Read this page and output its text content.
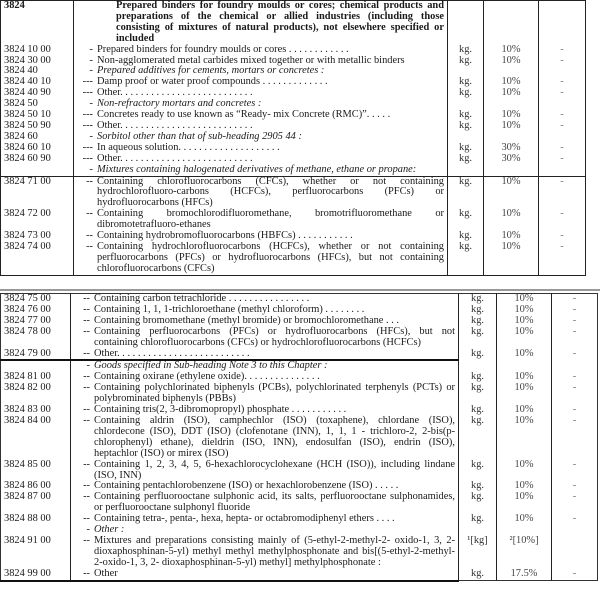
3824	Prepared binders for foundry moulds or cores; chemical products and preparations of the chemical or allied industries (including those consisting of mixtures of natural products), not elsewhere specified or included			
3824 10 00	- Prepared binders for foundry moulds or cores . . . . . . . . . . . .	kg.	10%	-
3824 30 00	- Non-agglomerated metal carbides mixed together or with metallic binders	kg.	10%	-
3824 40	- Prepared additives for cements, mortars or concretes :			

3824 40 10	--- Damp proof or water proof compounds . . . . . . . . . . . . .	kg.	10%	-
3824 40 90	--- Other. . . . . . . . . . . . . . . . . . . . . . . . . .	kg.	10%	-
3824 50	- Non-refractory mortars and concretes :			

3824 50 10	--- Concretes ready to use known as “Ready- mix Concrete (RMC)”. . . . .	kg.	10%	-
3824 50 90	--- Other. . . . . . . . . . . . . . . . . . . . . . . . . .	kg.	10%	-
3824 60	- Sorbitol other than that of sub-heading 2905 44 :			

3824 60 10	--- In aqueous solution. . . . . . . . . . . . . . . . . . . .	kg.	30%	-
3824 60 90	--- Other. . . . . . . . . . . . . . . . . . . . . . . . . .	kg.	30%	-

	- Mixtures containing halogenated derivatives of methane, ethane or propane:			

3824 71 00	-- Containing chlorofluorocarbons (CFCs), whether or not containing hydrochlorofluoro-carbons (HCFCs), perfluorocarbons (PFCs) or hydrofluorocarbons (HFCs)	kg.	10%	-
3824 72 00	-- Containing bromochlorodifluoromethane, bromotrifluoromethane or dibromotetrafluoro-ethanes	kg.	10%	-
3824 73 00	-- Containing hydrobromofluorocarbons (HBFCs) . . . . . . . . . . .	kg.	10%	-
3824 74 00	-- Containing hydrochlorofluorocarbons (HCFCs), whether or not containing perfluorocarbons (PFCs) or hydrofluorocarbons (HFCs), but not containing chlorofluorocarbons (CFCs)	kg.	10%	-
3824 75 00	-- Containing carbon tetrachloride . . . . . . . . . . . . . . . .	kg.	10%	-
3824 76 00	-- Containing 1, 1, 1-trichloroethane (methyl chloroform) . . . . . . . .	kg.	10%	-
3824 77 00	-- Containing bromomethane (methyl bromide) or bromochloromethane . . .	kg.	10%	-
3824 78 00	-- Containing perfluorocarbons (PFCs) or hydrofluorocarbons (HFCs), but not containing chlorofluorocarbons (CFCs) or hydrochlorofluorocarbons (HCFCs)	kg.	10%	-
3824 79 00	-- Other. . . . . . . . . . . . . . . . . . . . . . . . . .	kg.	10%	-

	- Goods specified in Sub-heading Note 3 to this Chapter :			

3824 81 00	-- Containing oxirane (ethylene oxide). . . . . . . . . . . . . . .	kg.	10%	-
3824 82 00	-- Containing polychlorinated biphenyls (PCBs), polychlorinated terphenyls (PCTs) or polybrominated biphenyls (PBBs)	kg.	10%	-
3824 83 00	-- Containing tris(2, 3-dibromopropyl) phosphate . . . . . . . . . . .	kg.	10%	-
3824 84 00	-- Containing aldrin (ISO), camphechlor (ISO) (toxaphene), chlordane (ISO), chlordecone (ISO), DDT (ISO) (clofenotane (INN), 1, 1, 1 - trichloro-2, 2-bis(p-chlorophenyl) ethane), dieldrin (ISO, INN), endosulfan (ISO), endrin (ISO), heptachlor (ISO) or mirex (ISO)	kg.	10%	-
3824 85 00	-- Containing 1, 2, 3, 4, 5, 6-hexachlorocyclohexane (HCH (ISO)), including lindane (ISO, INN)	kg.	10%	-
3824 86 00	-- Containing pentachlorobenzene (ISO) or hexachlorobenzene (ISO) . . . . .	kg.	10%	-
3824 87 00	-- Containing perfluorooctane sulphonic acid, its salts, perfluorooctane sulphonamides, or perfluorooctane sulphonyl fluoride	kg.	10%	-
3824 88 00	-- Containing tetra-, penta-, hexa, hepta- or octabromodiphenyl ethers . . . .	kg.	10%	-

	- Other :			

3824 91 00	-- Mixtures and preparations consisting mainly of (5-ethyl-2-methyl-2- oxido-1, 3, 2-dioxaphosphinan-5-yl) methyl methyl methylphosphonate and bis[(5-ethyl-2-methyl-2-oxido-1, 3, 2- dioxaphosphinan-5-yl) methyl] methylphosphonate :	¹[kg]	²[10%]	
3824 99 00	-- Other	kg.	17.5%	-
